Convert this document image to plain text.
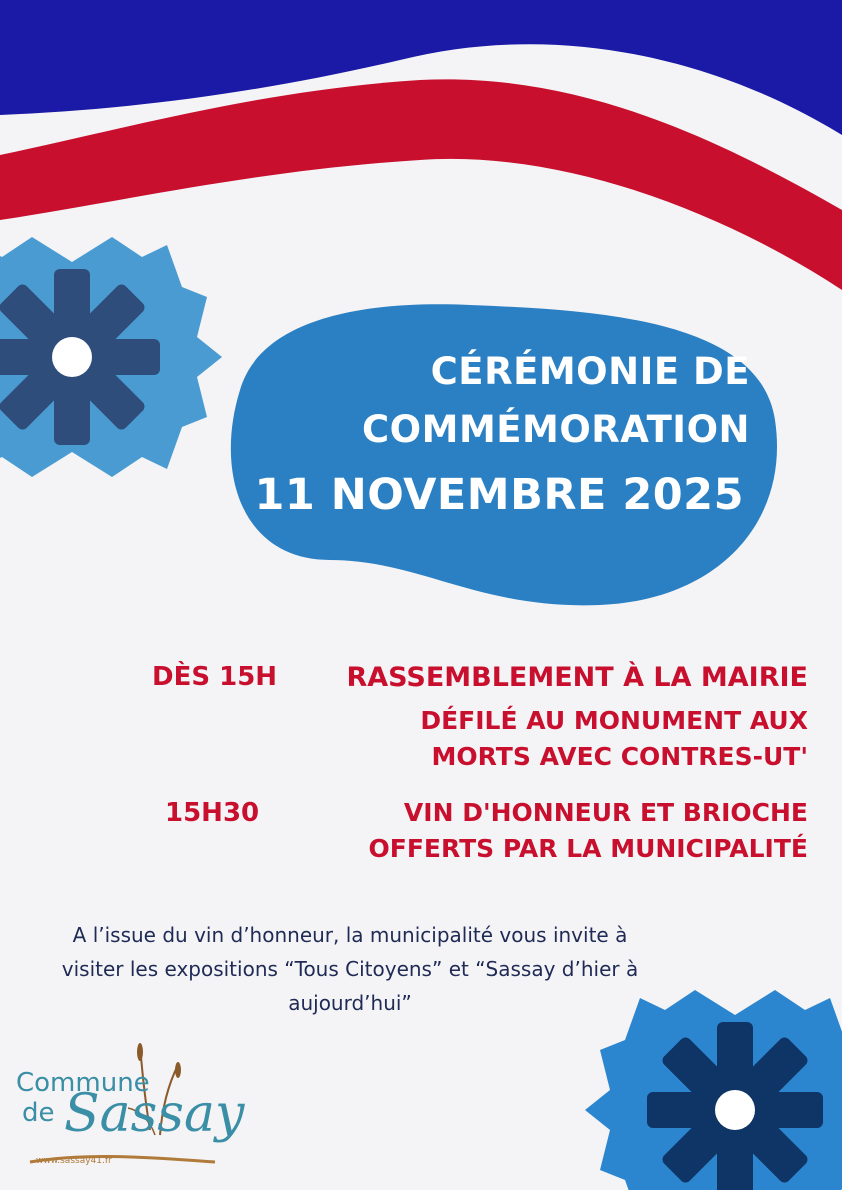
CÉRÉMONIE DE
COMMÉMORATION
11 NOVEMBRE 2025

DÈS 15H	RASSEMBLEMENT À LA MAIRIE

DÉFILÉ AU MONUMENT AUX

MORTS AVEC CONTRES-UT'

15H30	VIN D'HONNEUR ET BRIOCHE

OFFERTS PAR LA MUNICIPALITÉ

A l’issue du vin d’honneur, la municipalité vous invite à
visiter les expositions “Tous Citoyens” et “Sassay d’hier à
aujourd’hui”

Commune
de Sassay
www.sassay41.fr
